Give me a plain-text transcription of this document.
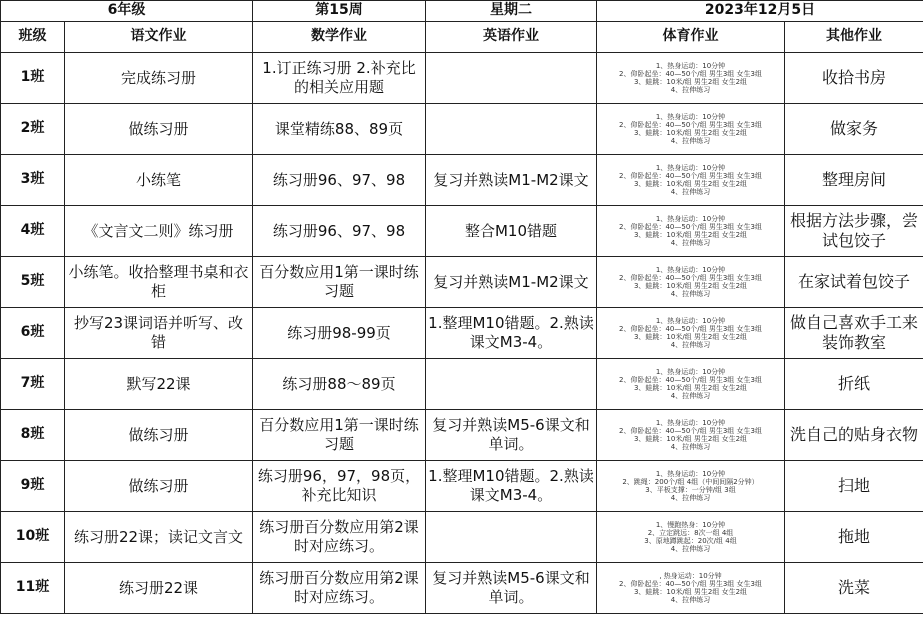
6年级		第15周	星期二	2023年12月5日	
班级	语文作业	数学作业	英语作业	体育作业	其他作业
1班	完成练习册	1.订正练习册 2.补充比的相关应用题		1、热身运动：10分钟
2、仰卧起坐：40—50个/组 男生3组 女生3组
3、蛙跳：10米/组 男生2组 女生2组
4、拉伸练习	收拾书房
2班	做练习册	课堂精练88、89页		1、热身运动：10分钟
2、仰卧起坐：40—50个/组 男生3组 女生3组
3、蛙跳：10米/组 男生2组 女生2组
4、拉伸练习	做家务
3班	小练笔	练习册96、97、98	复习并熟读M1-M2课文	1、热身运动：10分钟
2、仰卧起坐：40—50个/组 男生3组 女生3组
3、蛙跳：10米/组 男生2组 女生2组
4、拉伸练习	整理房间
4班	《文言文二则》练习册	练习册96、97、98	整合M10错题	1、热身运动：10分钟
2、仰卧起坐：40—50个/组 男生3组 女生3组
3、蛙跳：10米/组 男生2组 女生2组
4、拉伸练习	根据方法步骤，尝试包饺子
5班	小练笔。收拾整理书桌和衣柜	百分数应用1第一课时练习题	复习并熟读M1-M2课文	1、热身运动：10分钟
2、仰卧起坐：40—50个/组 男生3组 女生3组
3、蛙跳：10米/组 男生2组 女生2组
4、拉伸练习	在家试着包饺子
6班	抄写23课词语并听写、改错	练习册98-99页	1.整理M10错题。2.熟读课文M3-4。	1、热身运动：10分钟
2、仰卧起坐：40—50个/组 男生3组 女生3组
3、蛙跳：10米/组 男生2组 女生2组
4、拉伸练习	做自己喜欢手工来装饰教室
7班	默写22课	练习册88～89页		1、热身运动：10分钟
2、仰卧起坐：40—50个/组 男生3组 女生3组
3、蛙跳：10米/组 男生2组 女生2组
4、拉伸练习	折纸
8班	做练习册	百分数应用1第一课时练习题	复习并熟读M5-6课文和单词。	1、热身运动：10分钟
2、仰卧起坐：40—50个/组 男生3组 女生3组
3、蛙跳：10米/组 男生2组 女生2组
4、拉伸练习	洗自己的贴身衣物
9班	做练习册	练习册96，97，98页，补充比知识	1.整理M10错题。2.熟读课文M3-4。	1、热身运动：10分钟
2、跳绳：200个/组 4组（中间间隔2分钟）
3、平板支撑：一分钟/组 3组
4、拉伸练习	扫地
10班	练习册22课；读记文言文	练习册百分数应用第2课时对应练习。		1、慢跑热身：10分钟
2、立定跳远：8次一组 4组
3、原地蹲跳起：20次/组 4组
4、拉伸练习	拖地
11班	练习册22课	练习册百分数应用第2课时对应练习。	复习并熟读M5-6课文和单词。	, 热身运动：10分钟
2、仰卧起坐：40—50个/组 男生3组 女生3组
3、蛙跳：10米/组 男生2组 女生2组
4、拉伸练习	洗菜
